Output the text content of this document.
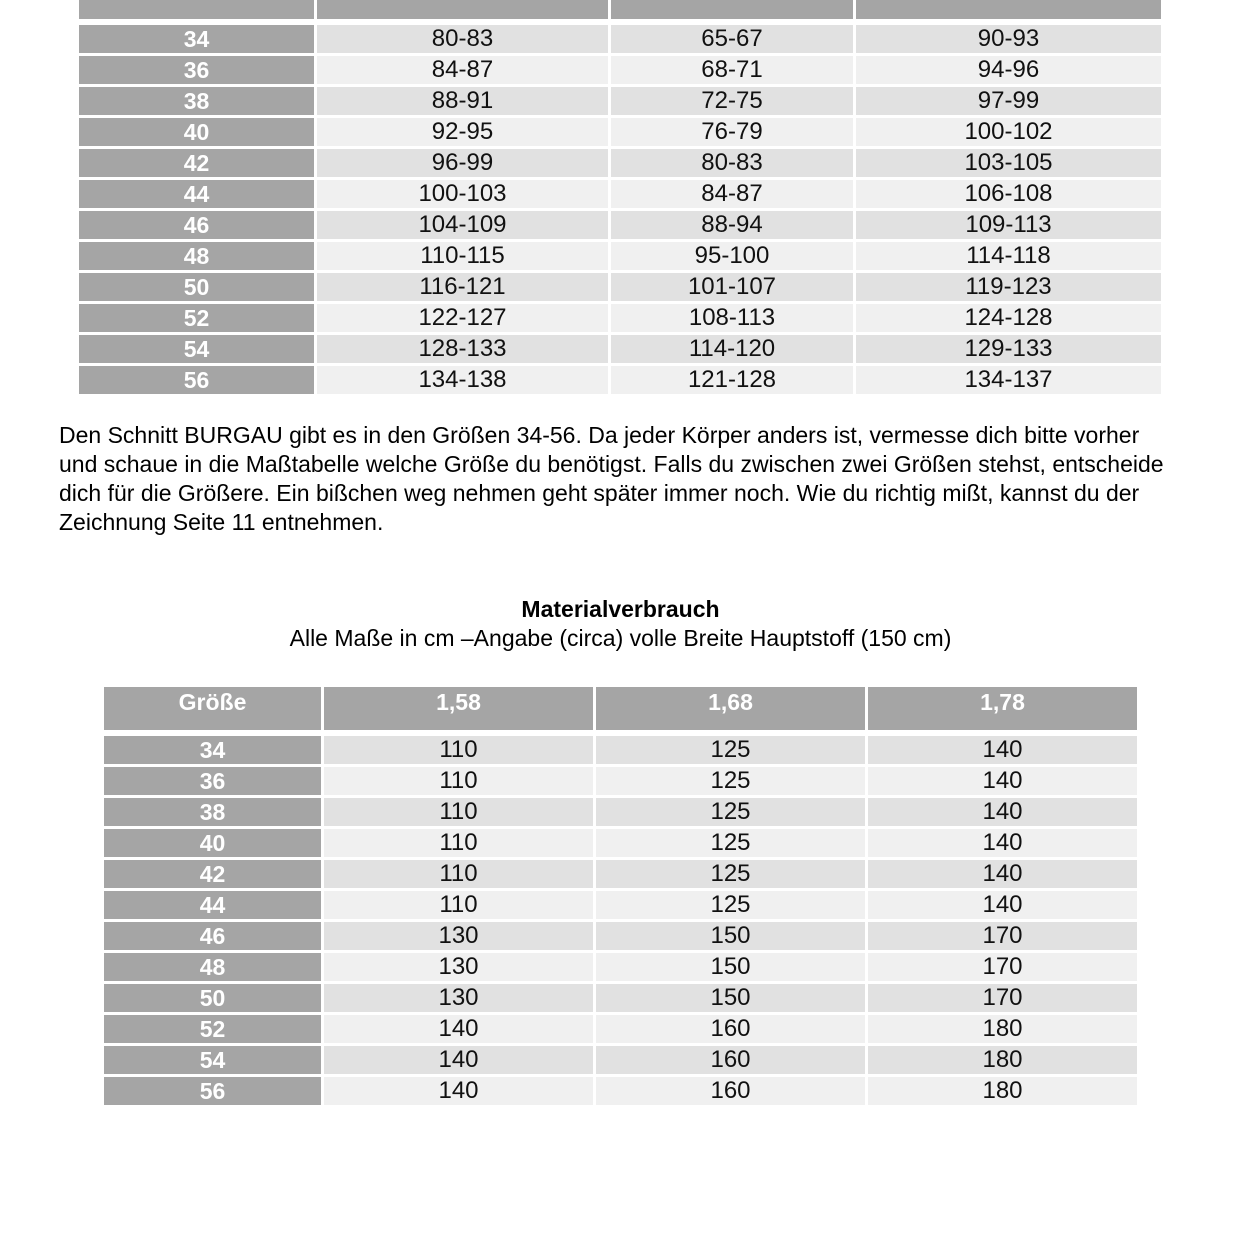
34	80-83	65-67	90-93
36	84-87	68-71	94-96
38	88-91	72-75	97-99
40	92-95	76-79	100-102
42	96-99	80-83	103-105
44	100-103	84-87	106-108
46	104-109	88-94	109-113
48	110-115	95-100	114-118
50	116-121	101-107	119-123
52	122-127	108-113	124-128
54	128-133	114-120	129-133
56	134-138	121-128	134-137

Den Schnitt BURGAU gibt es in den Größen 34-56. Da jeder Körper anders ist, vermesse dich bitte vorher und schaue in die Maßtabelle welche Größe du benötigst. Falls du zwischen zwei Größen stehst, entscheide dich für die Größere. Ein bißchen weg nehmen geht später immer noch. Wie du richtig mißt, kannst du der Zeichnung Seite 11 entnehmen.

Materialverbrauch

Alle Maße in cm –Angabe (circa) volle Breite Hauptstoff (150 cm)

Größe	1,58	1,68	1,78

34	110	125	140
36	110	125	140
38	110	125	140
40	110	125	140
42	110	125	140
44	110	125	140
46	130	150	170
48	130	150	170
50	130	150	170
52	140	160	180
54	140	160	180
56	140	160	180
